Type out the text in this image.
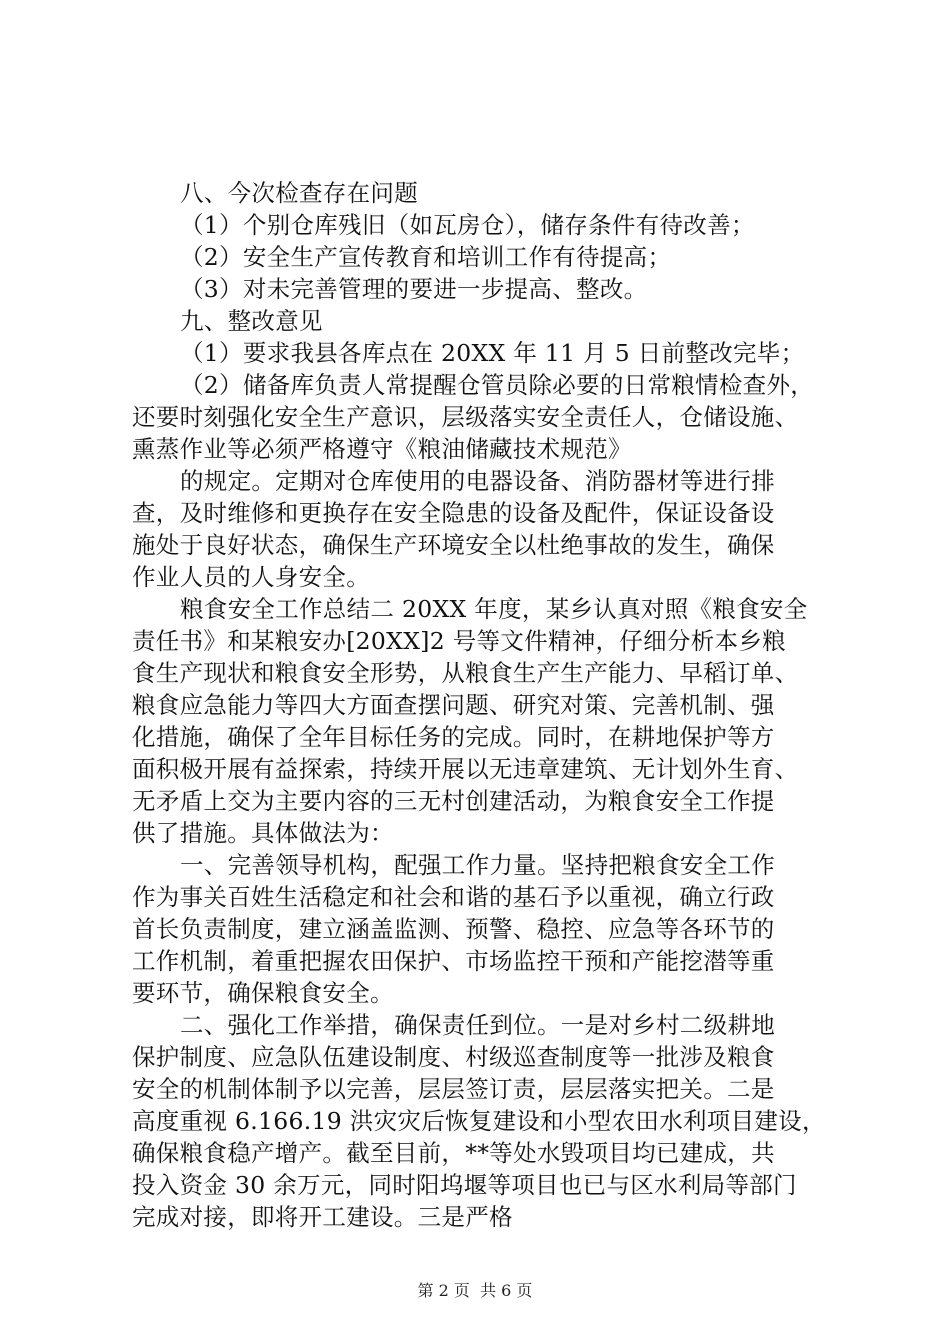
八、今次检查存在问题
（1）个别仓库残旧（如瓦房仓），储存条件有待改善；
（2）安全生产宣传教育和培训工作有待提高；
（3）对未完善管理的要进一步提高、整改。
九、整改意见
（1）要求我县各库点在 20XX 年 11 月 5 日前整改完毕；
（2）储备库负责人常提醒仓管员除必要的日常粮情检查外，
还要时刻强化安全生产意识，层级落实安全责任人，仓储设施、
熏蒸作业等必须严格遵守《粮油储藏技术规范》
的规定。定期对仓库使用的电器设备、消防器材等进行排
查，及时维修和更换存在安全隐患的设备及配件，保证设备设
施处于良好状态，确保生产环境安全以杜绝事故的发生，确保
作业人员的人身安全。
粮食安全工作总结二 20XX 年度，某乡认真对照《粮食安全
责任书》和某粮安办[20XX]2 号等文件精神，仔细分析本乡粮
食生产现状和粮食安全形势，从粮食生产生产能力、早稻订单、
粮食应急能力等四大方面查摆问题、研究对策、完善机制、强
化措施，确保了全年目标任务的完成。同时，在耕地保护等方
面积极开展有益探索，持续开展以无违章建筑、无计划外生育、
无矛盾上交为主要内容的三无村创建活动，为粮食安全工作提
供了措施。具体做法为：
一、完善领导机构，配强工作力量。坚持把粮食安全工作
作为事关百姓生活稳定和社会和谐的基石予以重视，确立行政
首长负责制度，建立涵盖监测、预警、稳控、应急等各环节的
工作机制，着重把握农田保护、市场监控干预和产能挖潜等重
要环节，确保粮食安全。
二、强化工作举措，确保责任到位。一是对乡村二级耕地
保护制度、应急队伍建设制度、村级巡查制度等一批涉及粮食
安全的机制体制予以完善，层层签订责，层层落实把关。二是
高度重视 6.166.19 洪灾灾后恢复建设和小型农田水利项目建设，
确保粮食稳产增产。截至目前，**等处水毁项目均已建成，共
投入资金 30 余万元，同时阳坞堰等项目也已与区水利局等部门
完成对接，即将开工建设。三是严格
第 2 页 共 6 页
